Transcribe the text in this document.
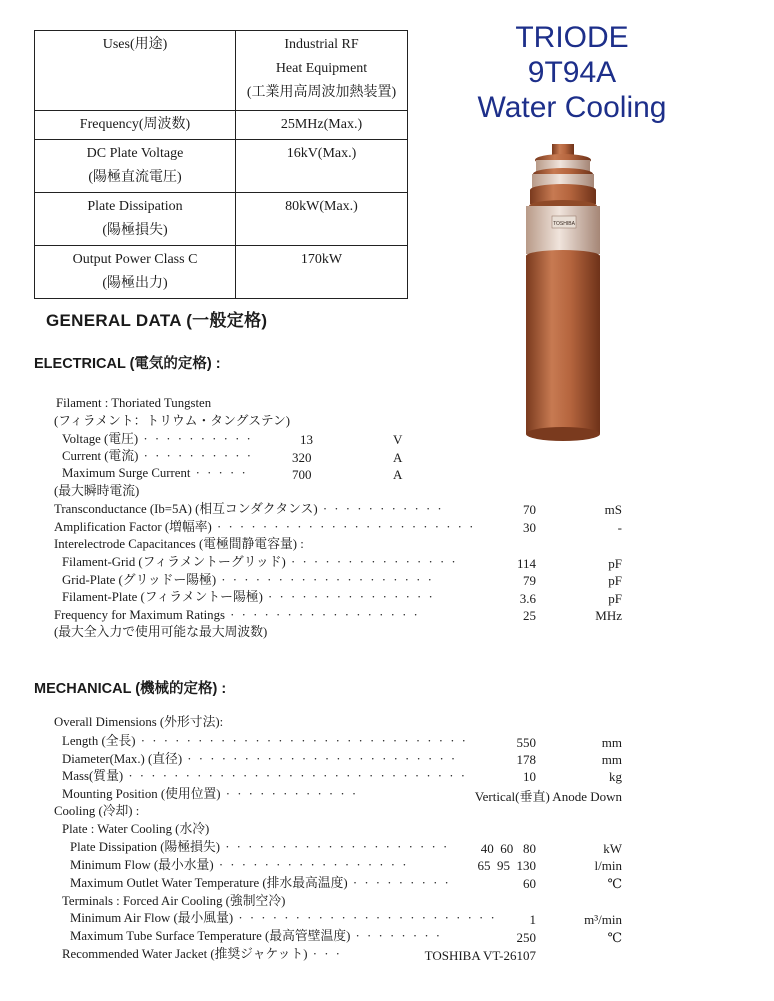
Uses(用途)	Industrial RF
Heat Equipment
(工業用高周波加熱装置)

Frequency(周波数)	25MHz(Max.)

DC Plate Voltage
(陽極直流電圧)	16kV(Max.)

Plate Dissipation
(陽極損失)	80kW(Max.)

Output Power Class C
(陽極出力)	170kW
TRIODE
9T94A
Water Cooling
TOSHIBA
GENERAL DATA (一般定格)
ELECTRICAL (電気的定格) :
Filament : Thoriated Tungsten
(フィラメント：トリウム・タングステン)
Voltage (電圧) · · · · · · · · · ·	13	V
Current (電流) · · · · · · · · · ·	320	A
Maximum Surge Current · · · · ·	700	A
(最大瞬時電流)
Transconductance (Ib=5A) (相互コンダクタンス) · · · · · · · · · · ·	70	mS
Amplification Factor (増幅率) · · · · · · · · · · · · · · · · · · · · · · ·	30	-
Interelectrode Capacitances (電極間静電容量) :
Filament-Grid (フィラメントーグリッド) · · · · · · · · · · · · · · ·	114	pF
Grid-Plate (グリッドー陽極) · · · · · · · · · · · · · · · · · · ·	79	pF
Filament-Plate (フィラメントー陽極) · · · · · · · · · · · · · · ·	3.6	pF
Frequency for Maximum Ratings · · · · · · · · · · · · · · · · ·	25	MHz
(最大全入力で使用可能な最大周波数)
MECHANICAL (機械的定格) :
Overall Dimensions (外形寸法):
Length (全長) · · · · · · · · · · · · · · · · · · · · · · · · · · · · ·	550	mm
Diameter(Max.) (直径) · · · · · · · · · · · · · · · · · · · · · · · ·	178	mm
Mass(質量) · · · · · · · · · · · · · · · · · · · · · · · · · · · · · ·	10	kg
Mounting Position (使用位置) · · · · · · · · · · · ·	Vertical(垂直) Anode Down
Cooling (冷却) :
Plate : Water Cooling (水冷)
Plate Dissipation (陽極損失) · · · · · · · · · · · · · · · · · · · · 40  60   80	kW
Minimum Flow (最小水量) · · · · · · · · · · · · · · · · ·	65  95  130	l/min
Maximum Outlet Water Temperature (排水最高温度) · · · · · · · · ·	60	℃
Terminals : Forced Air Cooling (強制空冷)
Minimum Air Flow (最小風量) · · · · · · · · · · · · · · · · · · · · · · ·	1	m³/min
Maximum Tube Surface Temperature (最高管壁温度) · · · · · · · ·	250	℃
Recommended Water Jacket (推奨ジャケット) · · ·	TOSHIBA VT-26107
